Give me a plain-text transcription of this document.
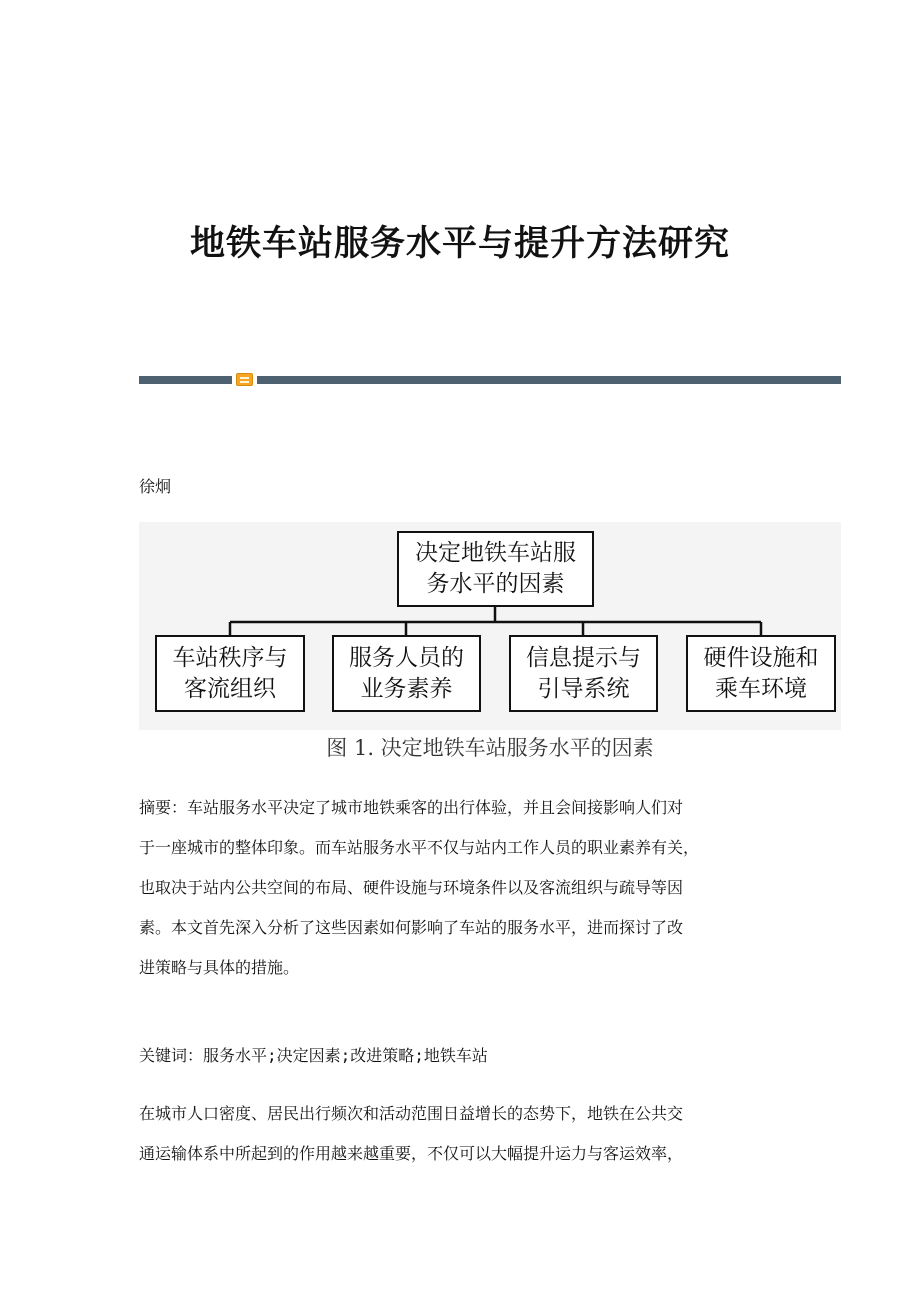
地铁车站服务水平与提升方法研究
徐炯
决定地铁车站服
务水平的因素
车站秩序与
客流组织
服务人员的
业务素养
信息提示与
引导系统
硬件设施和
乘车环境
图 1. 决定地铁车站服务水平的因素
摘要：车站服务水平决定了城市地铁乘客的出行体验，并且会间接影响人们对
于一座城市的整体印象。而车站服务水平不仅与站内工作人员的职业素养有关，
也取决于站内公共空间的布局、硬件设施与环境条件以及客流组织与疏导等因
素。本文首先深入分析了这些因素如何影响了车站的服务水平，进而探讨了改
进策略与具体的措施。
关键词：服务水平;决定因素;改进策略;地铁车站
在城市人口密度、居民出行频次和活动范围日益增长的态势下，地铁在公共交
通运输体系中所起到的作用越来越重要，不仅可以大幅提升运力与客运效率，
